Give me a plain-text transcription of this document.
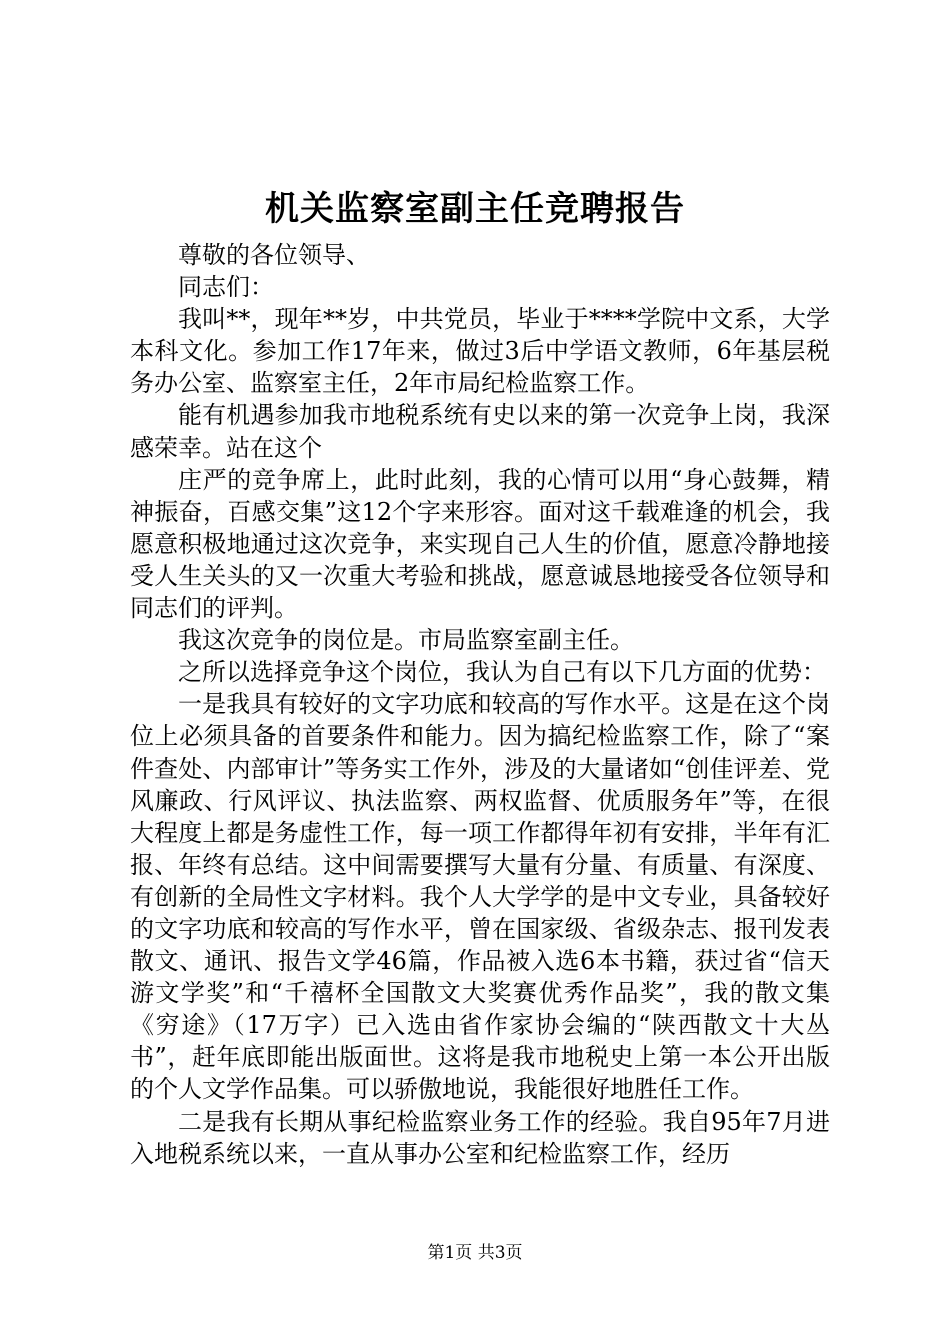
机关监察室副主任竞聘报告

尊敬的各位领导、

同志们：

我叫**，现年**岁，中共党员，毕业于****学院中文系，大学本科文化。参加工作17年来，做过3后中学语文教师，6年基层税务办公室、监察室主任，2年市局纪检监察工作。

能有机遇参加我市地税系统有史以来的第一次竞争上岗，我深感荣幸。站在这个

庄严的竞争席上，此时此刻，我的心情可以用“身心鼓舞，精神振奋，百感交集”这12个字来形容。面对这千载难逢的机会，我愿意积极地通过这次竞争，来实现自己人生的价值，愿意冷静地接受人生关头的又一次重大考验和挑战，愿意诚恳地接受各位领导和同志们的评判。

我这次竞争的岗位是。市局监察室副主任。

之所以选择竞争这个岗位，我认为自己有以下几方面的优势：

一是我具有较好的文字功底和较高的写作水平。这是在这个岗位上必须具备的首要条件和能力。因为搞纪检监察工作，除了“案件查处、内部审计”等务实工作外，涉及的大量诸如“创佳评差、党风廉政、行风评议、执法监察、两权监督、优质服务年”等，在很大程度上都是务虚性工作，每一项工作都得年初有安排，半年有汇报、年终有总结。这中间需要撰写大量有分量、有质量、有深度、有创新的全局性文字材料。我个人大学学的是中文专业，具备较好的文字功底和较高的写作水平，曾在国家级、省级杂志、报刊发表散文、通讯、报告文学46篇，作品被入选6本书籍，获过省“信天游文学奖”和“千禧杯全国散文大奖赛优秀作品奖”，我的散文集《穷途》（17万字）已入选由省作家协会编的“陕西散文十大丛书”，赶年底即能出版面世。这将是我市地税史上第一本公开出版的个人文学作品集。可以骄傲地说，我能很好地胜任工作。

二是我有长期从事纪检监察业务工作的经验。我自95年7月进入地税系统以来，一直从事办公室和纪检监察工作，经历

第1页 共3页
